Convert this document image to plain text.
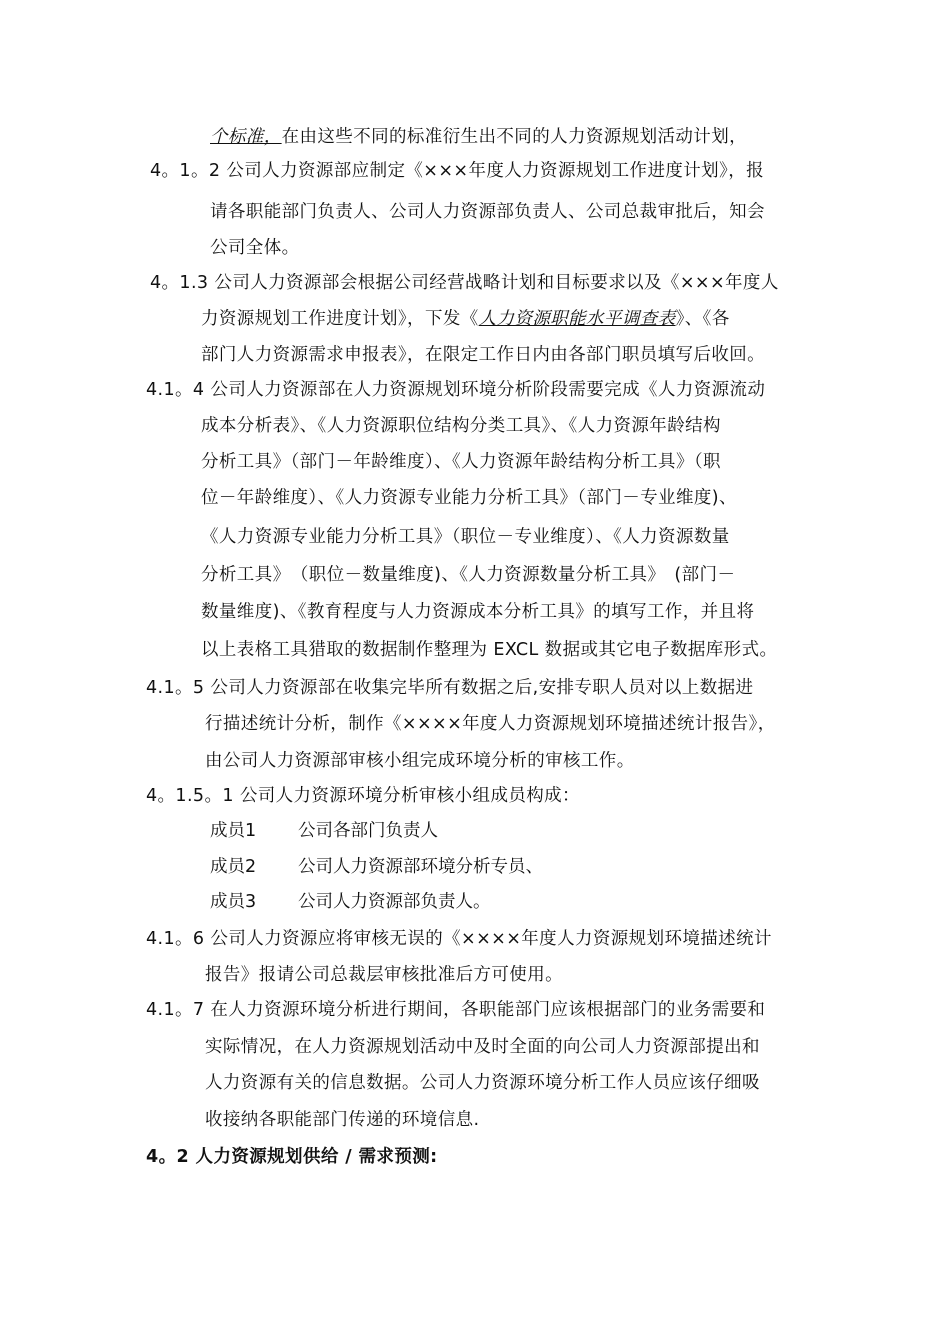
个标准，在由这些不同的标准衍生出不同的人力资源规划活动计划，
4。1。2 公司人力资源部应制定《×××年度人力资源规划工作进度计划》，报
请各职能部门负责人、公司人力资源部负责人、公司总裁审批后，知会
公司全体。
4。1.3 公司人力资源部会根据公司经营战略计划和目标要求以及《×××年度人
力资源规划工作进度计划》，下发《人力资源职能水平调查表》、《各
部门人力资源需求申报表》，在限定工作日内由各部门职员填写后收回。
4.1。4 公司人力资源部在人力资源规划环境分析阶段需要完成《人力资源流动
成本分析表》、《人力资源职位结构分类工具》、《人力资源年龄结构
分析工具》（部门－年龄维度）、《人力资源年龄结构分析工具》（职
位－年龄维度）、《人力资源专业能力分析工具》（部门－专业维度)、
《人力资源专业能力分析工具》（职位－专业维度）、《人力资源数量
分析工具》　（职位－数量维度)、《人力资源数量分析工具》　(部门－
数量维度)、《教育程度与人力资源成本分析工具》的填写工作，并且将
以上表格工具猎取的数据制作整理为 EXCL 数据或其它电子数据库形式。
4.1。5 公司人力资源部在收集完毕所有数据之后,安排专职人员对以上数据进
行描述统计分析，制作《××××年度人力资源规划环境描述统计报告》，
由公司人力资源部审核小组完成环境分析的审核工作。
4。1.5。1 公司人力资源环境分析审核小组成员构成：
成员1 公司各部门负责人
成员2 公司人力资源部环境分析专员、
成员3 公司人力资源部负责人。
4.1。6 公司人力资源应将审核无误的《××××年度人力资源规划环境描述统计
报告》报请公司总裁层审核批准后方可使用。
4.1。7 在人力资源环境分析进行期间，各职能部门应该根据部门的业务需要和
实际情况，在人力资源规划活动中及时全面的向公司人力资源部提出和
人力资源有关的信息数据。公司人力资源环境分析工作人员应该仔细吸
收接纳各职能部门传递的环境信息.
4。2 人力资源规划供给 / 需求预测:
